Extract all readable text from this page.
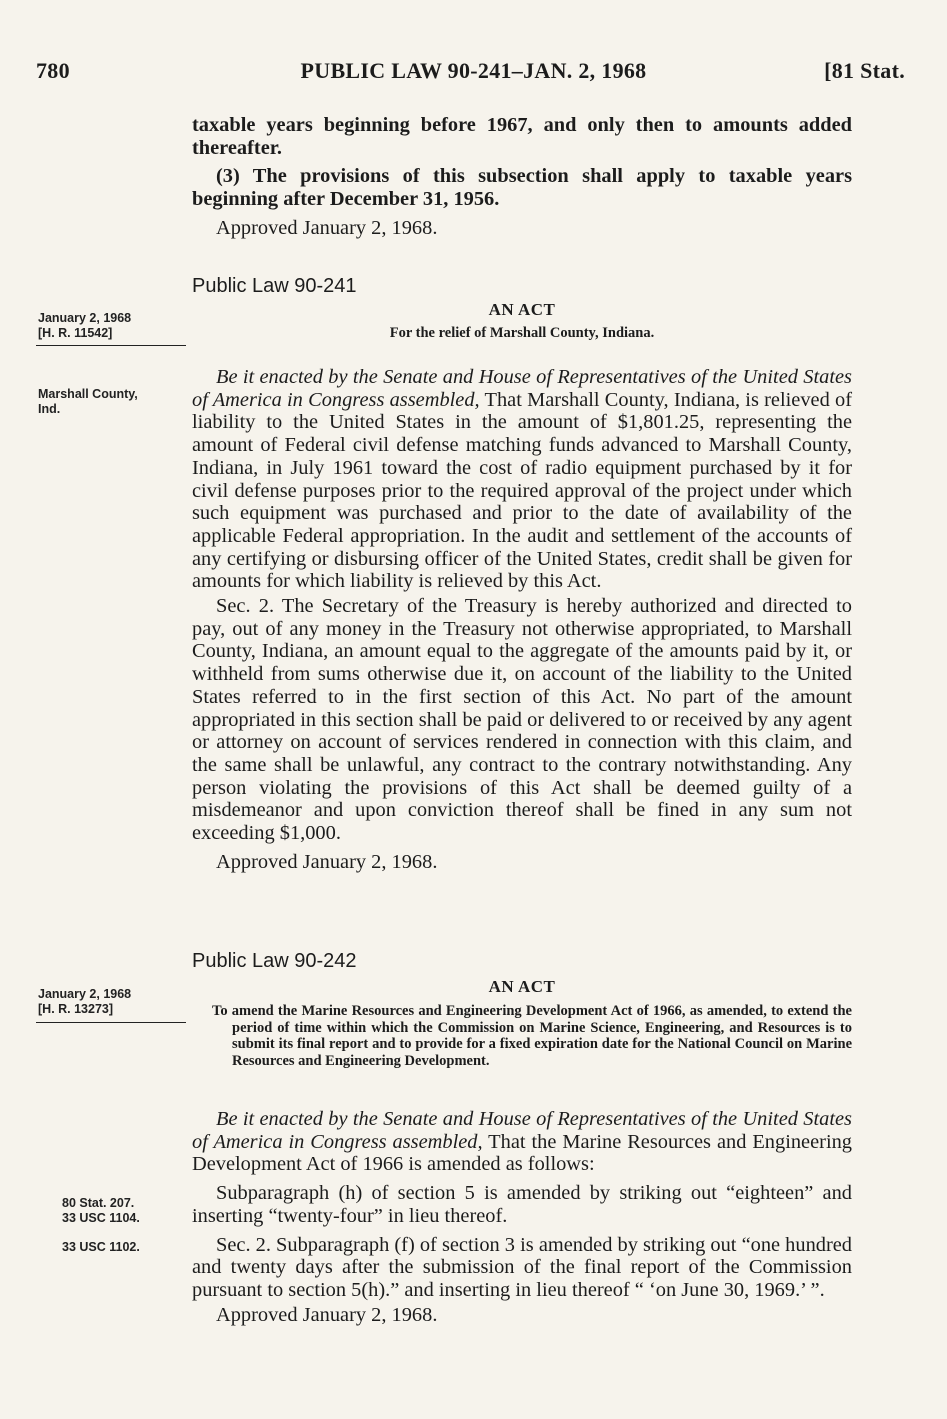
780	PUBLIC LAW 90-241–JAN. 2, 1968	[81 Stat.

taxable years beginning before 1967, and only then to amounts added thereafter.

(3) The provisions of this subsection shall apply to taxable years beginning after December 31, 1956.

Approved January 2, 1968.

Public Law 90-241

AN ACT
For the relief of Marshall County, Indiana.
January 2, 1968
[H. R. 11542]
Marshall County,
Ind.

Be it enacted by the Senate and House of Representatives of the United States of America in Congress assembled, That Marshall County, Indiana, is relieved of liability to the United States in the amount of $1,801.25, representing the amount of Federal civil defense matching funds advanced to Marshall County, Indiana, in July 1961 toward the cost of radio equipment purchased by it for civil defense purposes prior to the required approval of the project under which such equipment was purchased and prior to the date of availability of the applicable Federal appropriation. In the audit and settlement of the accounts of any certifying or disbursing officer of the United States, credit shall be given for amounts for which liability is relieved by this Act.

Sec. 2. The Secretary of the Treasury is hereby authorized and directed to pay, out of any money in the Treasury not otherwise appropriated, to Marshall County, Indiana, an amount equal to the aggregate of the amounts paid by it, or withheld from sums otherwise due it, on account of the liability to the United States referred to in the first section of this Act. No part of the amount appropriated in this section shall be paid or delivered to or received by any agent or attorney on account of services rendered in connection with this claim, and the same shall be unlawful, any contract to the contrary notwithstanding. Any person violating the provisions of this Act shall be deemed guilty of a misdemeanor and upon conviction thereof shall be fined in any sum not exceeding $1,000.

Approved January 2, 1968.

Public Law 90-242

AN ACT
January 2, 1968
[H. R. 13273]	To amend the Marine Resources and Engineering Development Act of 1966, as amended, to extend the period of time within which the Commission on Marine Science, Engineering, and Resources is to submit its final report and to provide for a fixed expiration date for the National Council on Marine Resources and Engineering Development.

Be it enacted by the Senate and House of Representatives of the United States of America in Congress assembled, That the Marine Resources and Engineering Development Act of 1966 is amended as follows:

Subparagraph (h) of section 5 is amended by striking out “eighteen” and inserting “twenty-four” in lieu thereof.

Sec. 2. Subparagraph (f) of section 3 is amended by striking out “one hundred and twenty days after the submission of the final report of the Commission pursuant to section 5(h).” and inserting in lieu thereof “ ‘on June 30, 1969.’ ”.

Approved January 2, 1968.

80 Stat. 207.
33 USC 1104.
33 USC 1102.
